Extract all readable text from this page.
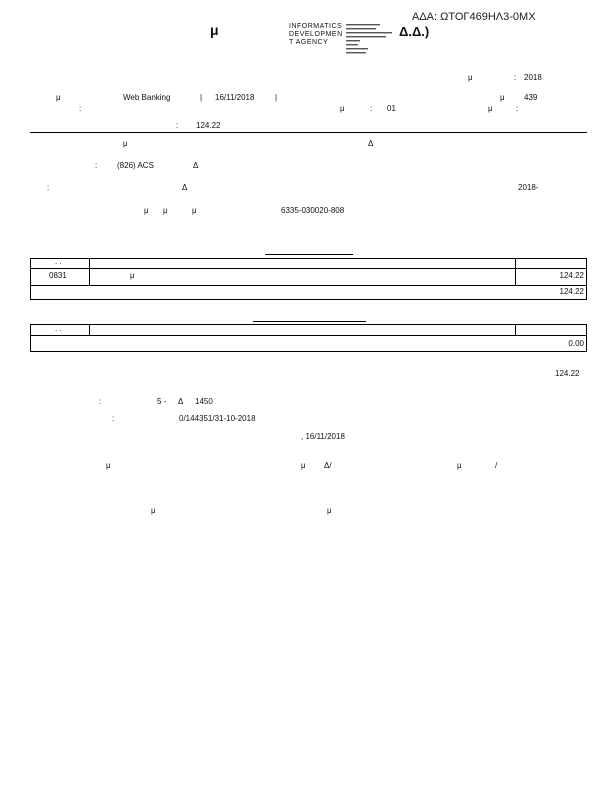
ΑΔΑ: ΩΤΟΓ469ΗΛ3-0ΜΧ
μ	INFORMATICS
DEVELOPMEN
T AGENCY
Δ.Δ.)
μ	: 2018
μ	Web Banking	| 16/11/2018	|	μ 439
:	μ	: 01	μ	:
: 124.22
μ	Δ
: (826) ACS	Δ
:	Δ	2018-
μ μ	μ	6335-030020-808
. .
0831	μ	124.22
124.22
. .
0.00
124.22
:	5 - Δ 1450
:	0/144351/31-10-2018
, 16/11/2018
μ	μ Δ/	μ	/
μ	μ
